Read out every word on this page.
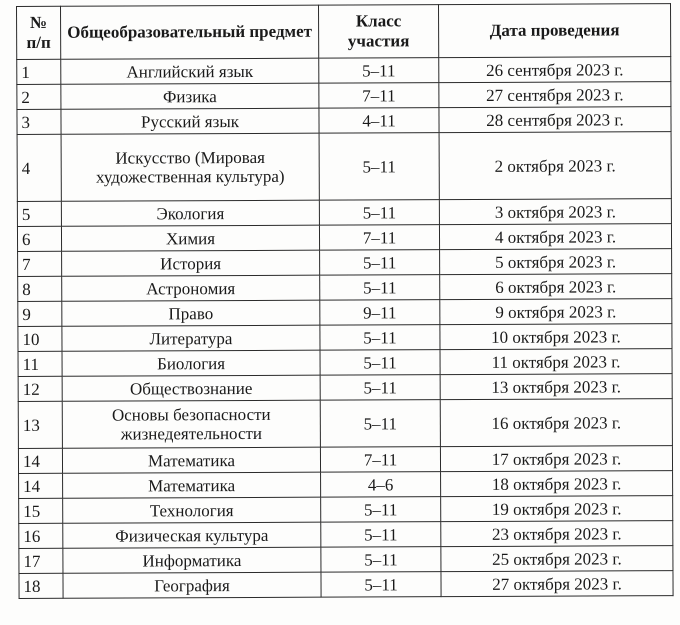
№ п/п	Общеобразовательный предмет	Класс участия	Дата проведения
1	Английский язык	5–11	26 сентября 2023 г.
2	Физика	7–11	27 сентября 2023 г.
3	Русский язык	4–11	28 сентября 2023 г.
4	Искусство (Мировая художественная культура)	5–11	2 октября 2023 г.
5	Экология	5–11	3 октября 2023 г.
6	Химия	7–11	4 октября 2023 г.
7	История	5–11	5 октября 2023 г.
8	Астрономия	5–11	6 октября 2023 г.
9	Право	9–11	9 октября 2023 г.
10	Литература	5–11	10 октября 2023 г.
11	Биология	5–11	11 октября 2023 г.
12	Обществознание	5–11	13 октября 2023 г.
13	Основы безопасности жизнедеятельности	5–11	16 октября 2023 г.
14	Математика	7–11	17 октября 2023 г.
14	Математика	4–6	18 октября 2023 г.
15	Технология	5–11	19 октября 2023 г.
16	Физическая культура	5–11	23 октября 2023 г.
17	Информатика	5–11	25 октября 2023 г.
18	География	5–11	27 октября 2023 г.
